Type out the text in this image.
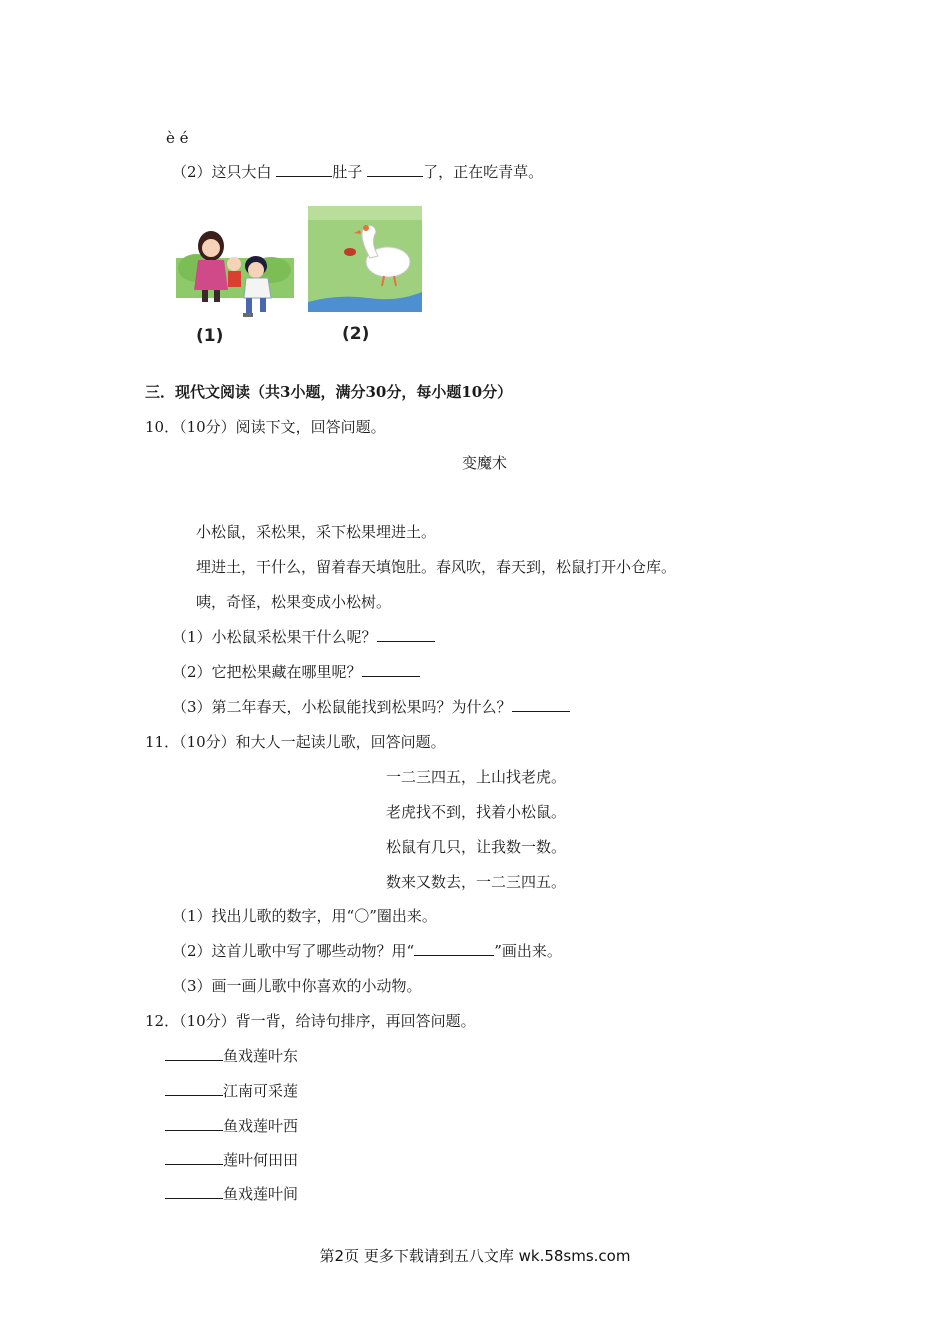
è é
（2）这只大白	肚子	了，正在吃青草。
(1)	(2)
三．现代文阅读（共3小题，满分30分，每小题10分）
10．（10分）阅读下文，回答问题。
变魔术
小松鼠，采松果，采下松果埋进土。
埋进土，干什么，留着春天填饱肚。春风吹，春天到，松鼠打开小仓库。
咦，奇怪，松果变成小松树。
（1）小松鼠采松果干什么呢？
（2）它把松果藏在哪里呢？
（3）第二年春天，小松鼠能找到松果吗？为什么？
11．（10分）和大人一起读儿歌，回答问题。
一二三四五，上山找老虎。
老虎找不到，找着小松鼠。
松鼠有几只，让我数一数。
数来又数去，一二三四五。
（1）找出儿歌的数字，用“〇”圈出来。
（2）这首儿歌中写了哪些动物？用“	”画出来。
（3）画一画儿歌中你喜欢的小动物。
12．（10分）背一背，给诗句排序，再回答问题。
鱼戏莲叶东
江南可采莲
鱼戏莲叶西
莲叶何田田
鱼戏莲叶间
第2页 更多下载请到五八文库 wk.58sms.com
